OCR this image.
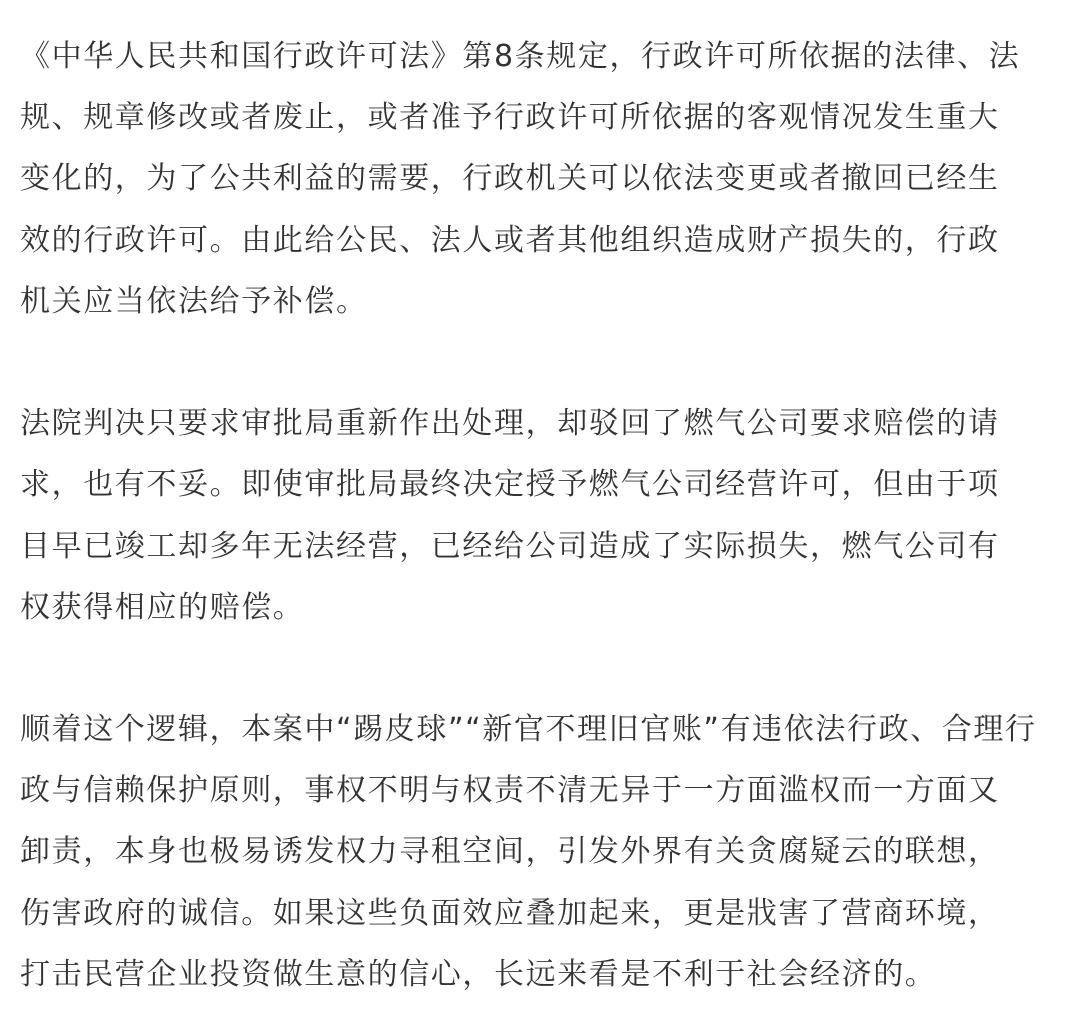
《中华人民共和国行政许可法》第8条规定，行政许可所依据的法律、法
规、规章修改或者废止，或者准予行政许可所依据的客观情况发生重大
变化的，为了公共利益的需要，行政机关可以依法变更或者撤回已经生
效的行政许可。由此给公民、法人或者其他组织造成财产损失的，行政
机关应当依法给予补偿。

法院判决只要求审批局重新作出处理，却驳回了燃气公司要求赔偿的请
求，也有不妥。即使审批局最终决定授予燃气公司经营许可，但由于项
目早已竣工却多年无法经营，已经给公司造成了实际损失，燃气公司有
权获得相应的赔偿。

顺着这个逻辑，本案中“踢皮球”“新官不理旧官账”有违依法行政、合理行
政与信赖保护原则，事权不明与权责不清无异于一方面滥权而一方面又
卸责，本身也极易诱发权力寻租空间，引发外界有关贪腐疑云的联想，
伤害政府的诚信。如果这些负面效应叠加起来，更是戕害了营商环境，
打击民营企业投资做生意的信心，长远来看是不利于社会经济的。
